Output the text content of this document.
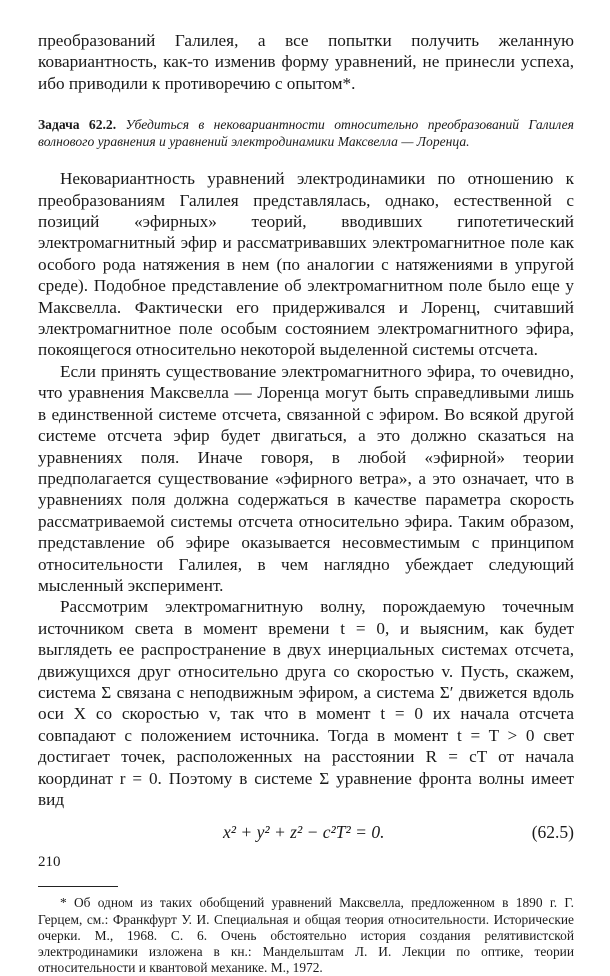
преобразований Галилея, а все попытки получить желанную ковариантность, как-то изменив форму уравнений, не принесли успеха, ибо приводили к противоречию с опытом*.

Задача 62.2. Убедиться в нековариантности относительно преобразований Галилея волнового уравнения и уравнений электродинамики Максвелла — Лоренца.

Нековариантность уравнений электродинамики по отношению к преобразованиям Галилея представлялась, однако, естественной с позиций «эфирных» теорий, вводивших гипотетический электромагнитный эфир и рассматривавших электромагнитное поле как особого рода натяжения в нем (по аналогии с натяжениями в упругой среде). Подобное представление об электромагнитном поле было еще у Максвелла. Фактически его придерживался и Лоренц, считавший электромагнитное поле особым состоянием электромагнитного эфира, покоящегося относительно некоторой выделенной системы отсчета.

Если принять существование электромагнитного эфира, то очевидно, что уравнения Максвелла — Лоренца могут быть справедливыми лишь в единственной системе отсчета, связанной с эфиром. Во всякой другой системе отсчета эфир будет двигаться, а это должно сказаться на уравнениях поля. Иначе говоря, в любой «эфирной» теории предполагается существование «эфирного ветра», а это означает, что в уравнениях поля должна содержаться в качестве параметра скорость рассматриваемой системы отсчета относительно эфира. Таким образом, представление об эфире оказывается несовместимым с принципом относительности Галилея, в чем наглядно убеждает следующий мысленный эксперимент.

Рассмотрим электромагнитную волну, порождаемую точечным источником света в момент времени t = 0, и выясним, как будет выглядеть ее распространение в двух инерциальных системах отсчета, движущихся друг относительно друга со скоростью v. Пусть, скажем, система Σ связана с неподвижным эфиром, а система Σ′ движется вдоль оси X со скоростью v, так что в момент t = 0 их начала отсчета совпадают с положением источника. Тогда в момент t = T > 0 свет достигает точек, расположенных на расстоянии R = cT от начала координат r = 0. Поэтому в системе Σ уравнение фронта волны имеет вид

x² + y² + z² − c²T² = 0.	(62.5)

* Об одном из таких обобщений уравнений Максвелла, предложенном в 1890 г. Г. Герцем, см.: Франкфурт У. И. Специальная и общая теория относительности. Исторические очерки. М., 1968. С. 6. Очень обстоятельно история создания релятивистской электродинамики изложена в кн.: Мандельштам Л. И. Лекции по оптике, теории относительности и квантовой механике. М., 1972.

210
